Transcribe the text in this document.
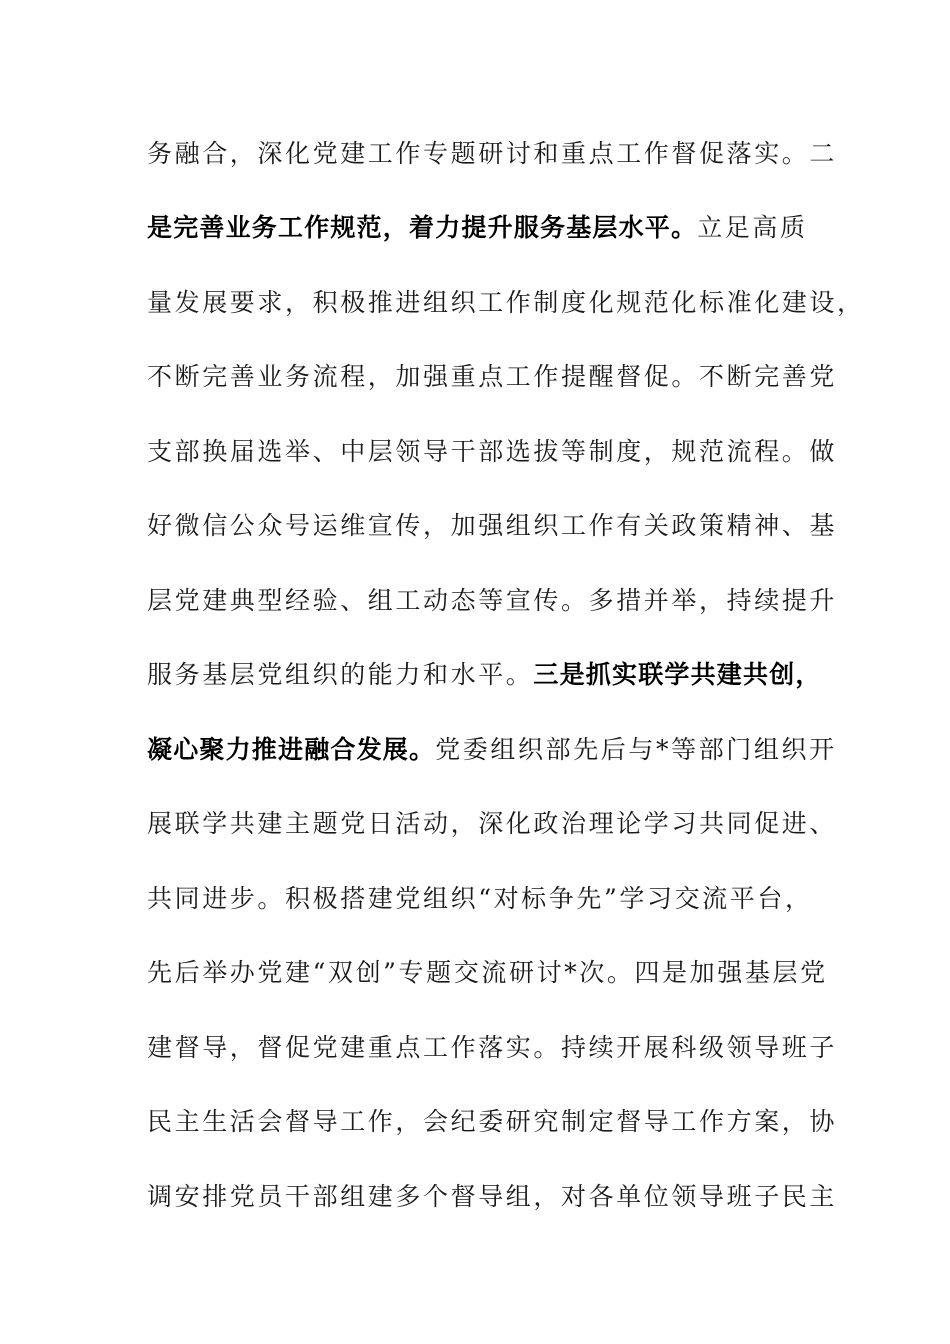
务融合，深化党建工作专题研讨和重点工作督促落实。二
是完善业务工作规范，着力提升服务基层水平。立足高质
量发展要求，积极推进组织工作制度化规范化标准化建设，
不断完善业务流程，加强重点工作提醒督促。不断完善党
支部换届选举、中层领导干部选拔等制度，规范流程。做
好微信公众号运维宣传，加强组织工作有关政策精神、基
层党建典型经验、组工动态等宣传。多措并举，持续提升
服务基层党组织的能力和水平。三是抓实联学共建共创，
凝心聚力推进融合发展。党委组织部先后与*等部门组织开
展联学共建主题党日活动，深化政治理论学习共同促进、
共同进步。积极搭建党组织“对标争先”学习交流平台，
先后举办党建“双创”专题交流研讨*次。四是加强基层党
建督导，督促党建重点工作落实。持续开展科级领导班子
民主生活会督导工作，会纪委研究制定督导工作方案，协
调安排党员干部组建多个督导组，对各单位领导班子民主
